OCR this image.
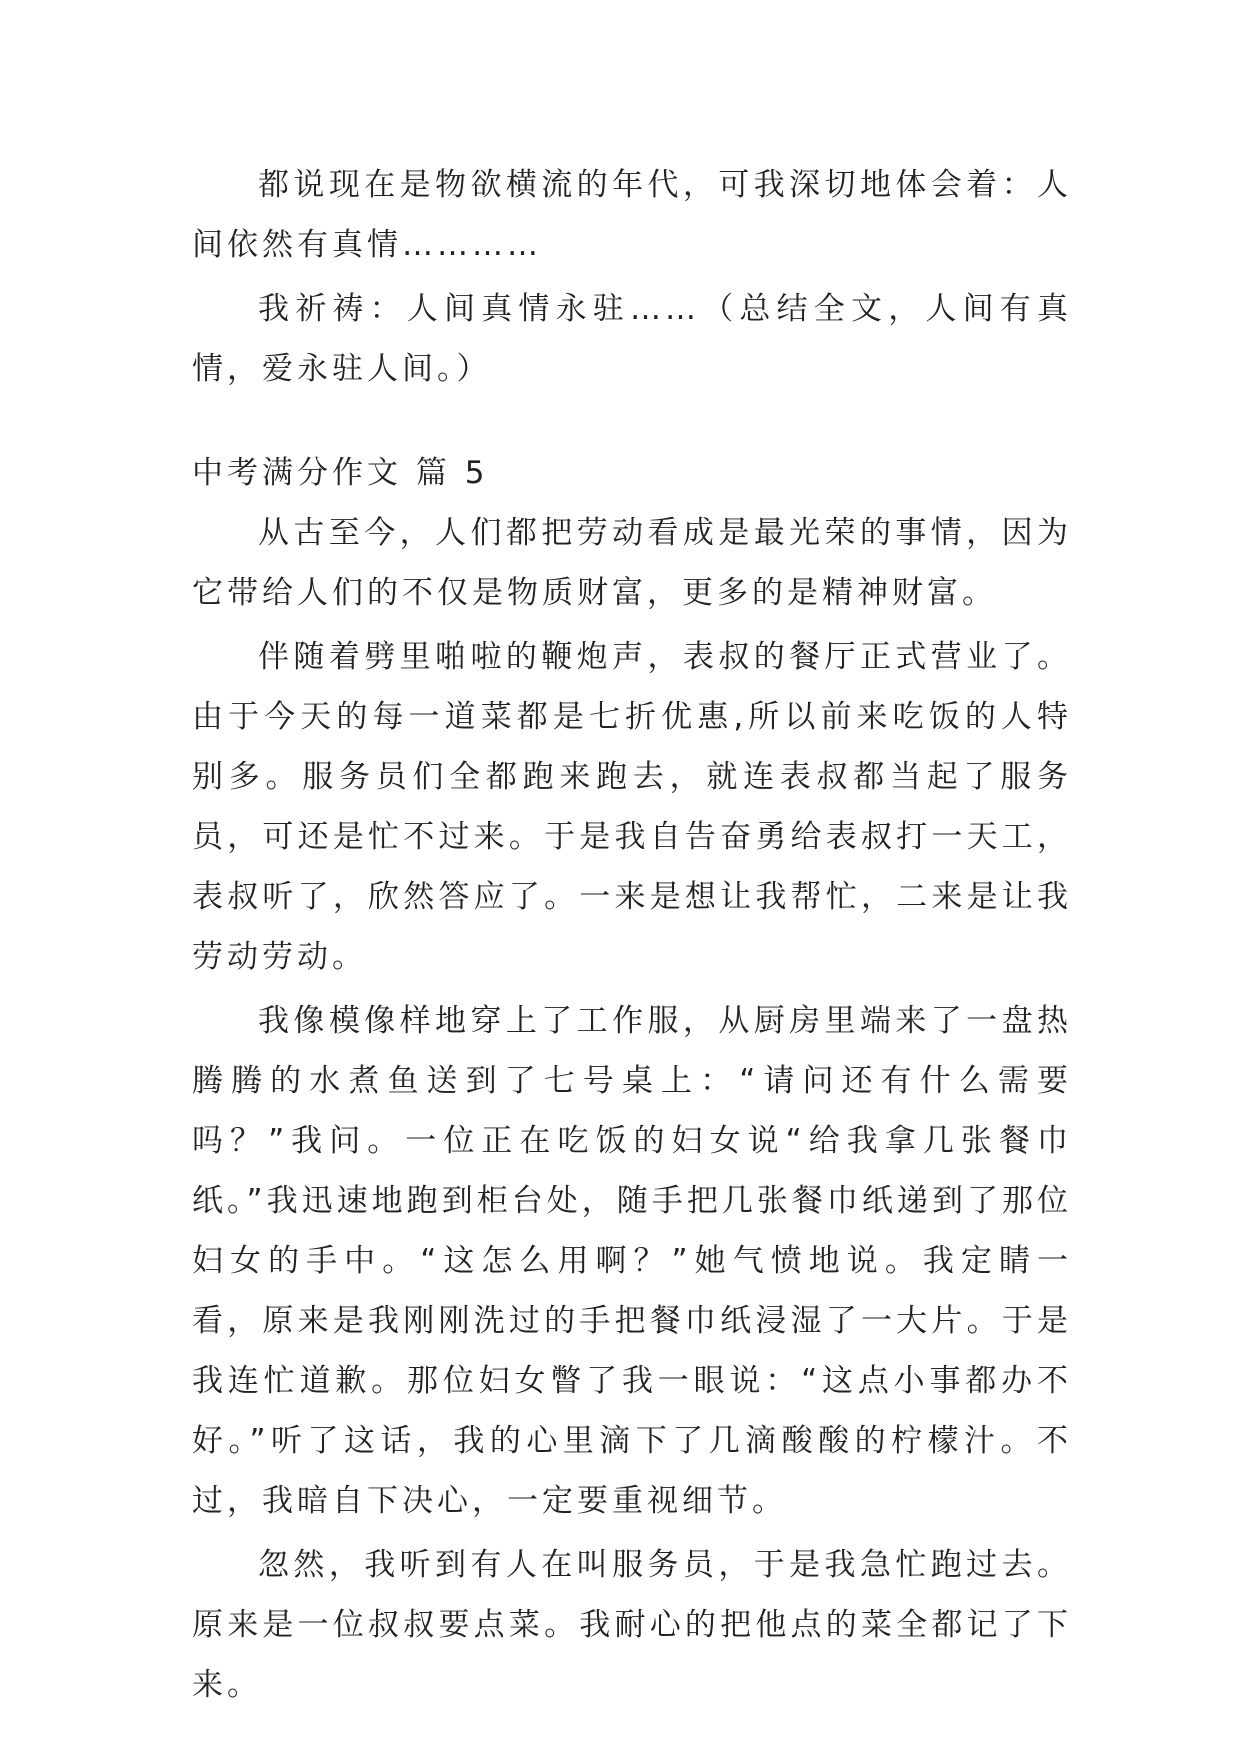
都说现在是物欲横流的年代，可我深切地体会着：人间依然有真情…………

我祈祷：人间真情永驻……（总结全文，人间有真情，爱永驻人间。）

中考满分作文 篇 5

从古至今，人们都把劳动看成是最光荣的事情，因为它带给人们的不仅是物质财富，更多的是精神财富。

伴随着劈里啪啦的鞭炮声，表叔的餐厅正式营业了。由于今天的每一道菜都是七折优惠,所以前来吃饭的人特别多。服务员们全都跑来跑去，就连表叔都当起了服务员，可还是忙不过来。于是我自告奋勇给表叔打一天工，表叔听了，欣然答应了。一来是想让我帮忙，二来是让我劳动劳动。

我像模像样地穿上了工作服，从厨房里端来了一盘热腾腾的水煮鱼送到了七号桌上：“请问还有什么需要吗？”我问。一位正在吃饭的妇女说“给我拿几张餐巾纸。”我迅速地跑到柜台处，随手把几张餐巾纸递到了那位妇女的手中。“这怎么用啊？”她气愤地说。我定睛一看，原来是我刚刚洗过的手把餐巾纸浸湿了一大片。于是我连忙道歉。那位妇女瞥了我一眼说：“这点小事都办不好。”听了这话，我的心里滴下了几滴酸酸的柠檬汁。不过，我暗自下决心，一定要重视细节。

忽然，我听到有人在叫服务员，于是我急忙跑过去。原来是一位叔叔要点菜。我耐心的把他点的菜全都记了下来。
